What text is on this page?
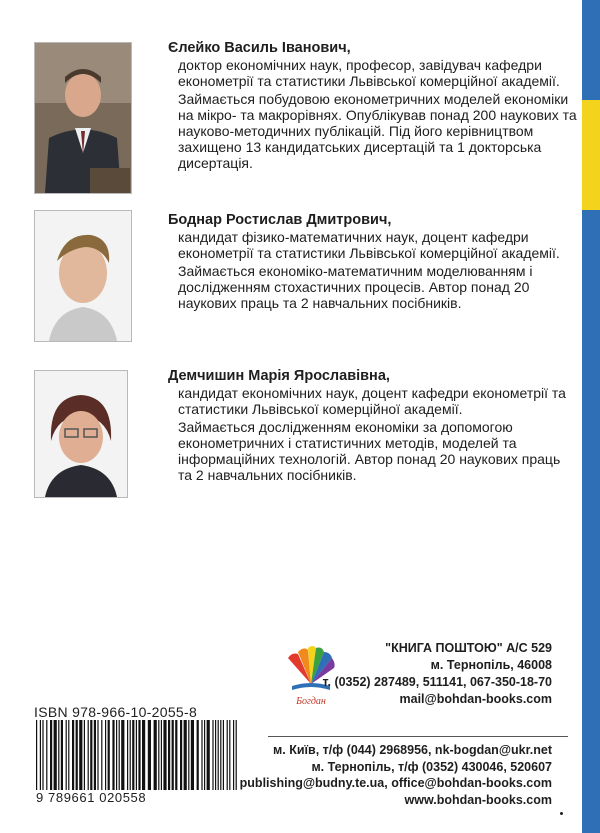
Єлейко Василь Іванович,

доктор економічних наук, професор, завідувач кафедри економетрії та статистики Львівської комерційної академії.

Займається побудовою економетричних моделей економіки на мікро- та макрорівнях. Опублікував понад 200 наукових та науково-методичних публікацій. Під його керівництвом захищено 13 кандидатських дисертацій та 1 докторська дисертація.

Боднар Ростислав Дмитрович,

кандидат фізико-математичних наук, доцент кафедри економетрії та статистики Львівської комерційної академії.

Займається економіко-математичним моделюванням і дослідженням стохастичних процесів. Автор понад 20 наукових праць та 2 навчальних посібників.

Демчишин Марія Ярославівна,

кандидат економічних наук, доцент кафедри економетрії та статистики Львівської комерційної академії.

Займається дослідженням економіки за допомогою економетричних і статистичних методів, моделей та інформаційних технологій. Автор понад 20 наукових праць та 2 навчальних посібників.

Богдан
"КНИГА ПОШТОЮ" А/С 529
м. Тернопіль, 46008
т. (0352) 287489, 511141, 067-350-18-70
mail@bohdan-books.com
м. Київ, т/ф (044) 2968956, nk-bogdan@ukr.net
м. Тернопіль, т/ф (0352) 430046, 520607
publishing@budny.te.ua, office@bohdan-books.com
www.bohdan-books.com
ISBN 978-966-10-2055-8
9 789661 020558
